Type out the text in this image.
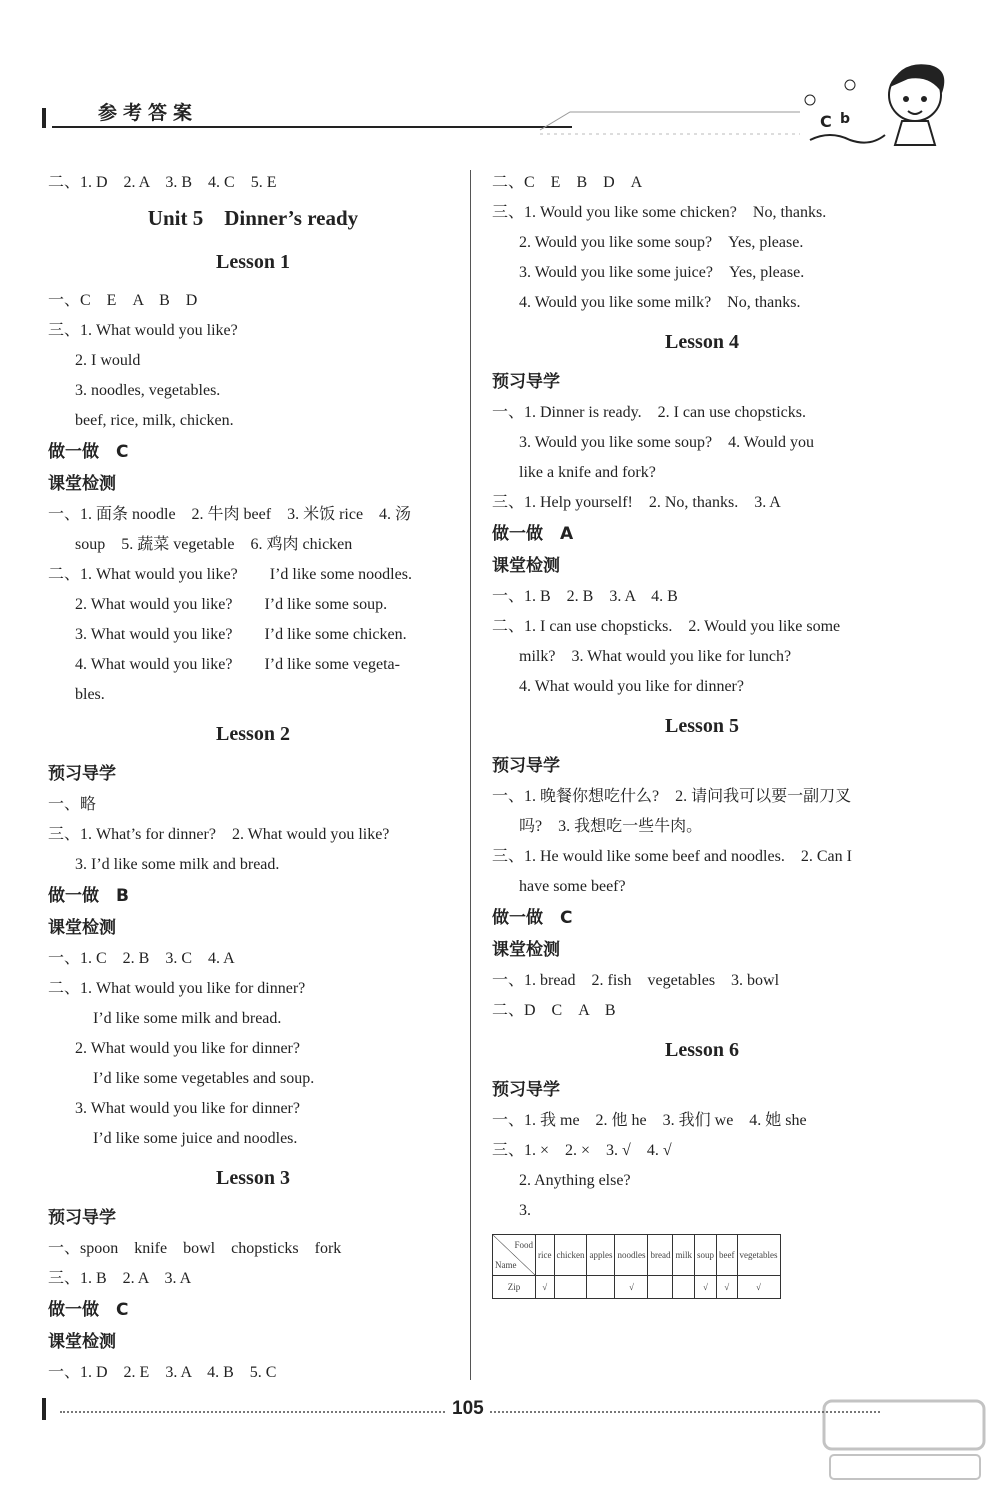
参考答案	C b
二、1. D　2. A　3. B　4. C　5. E
Unit 5　Dinner’s ready
Lesson 1
一、C　E　A　B　D
三、1. What would you like?
2. I would
3. noodles, vegetables.
beef, rice, milk, chicken.
做一做　C
课堂检测
一、1. 面条 noodle　2. 牛肉 beef　3. 米饭 rice　4. 汤
soup　5. 蔬菜 vegetable　6. 鸡肉 chicken
二、1. What would you like?　　I’d like some noodles.
2. What would you like?　　I’d like some soup.
3. What would you like?　　I’d like some chicken.
4. What would you like?　　I’d like some vegeta-
bles.
Lesson 2
预习导学
一、略
三、1. What’s for dinner?　2. What would you like?
3. I’d like some milk and bread.
做一做　B
课堂检测
一、1. C　2. B　3. C　4. A
二、1. What would you like for dinner?
I’d like some milk and bread.
2. What would you like for dinner?
I’d like some vegetables and soup.
3. What would you like for dinner?
I’d like some juice and noodles.
Lesson 3
预习导学
一、spoon　knife　bowl　chopsticks　fork
三、1. B　2. A　3. A
做一做　C
课堂检测
一、1. D　2. E　3. A　4. B　5. C
二、C　E　B　D　A
三、1. Would you like some chicken?　No, thanks.
2. Would you like some soup?　Yes, please.
3. Would you like some juice?　Yes, please.
4. Would you like some milk?　No, thanks.
Lesson 4
预习导学
一、1. Dinner is ready.　2. I can use chopsticks.
3. Would you like some soup?　4. Would you
like a knife and fork?
三、1. Help yourself!　2. No, thanks.　3. A
做一做　A
课堂检测
一、1. B　2. B　3. A　4. B
二、1. I can use chopsticks.　2. Would you like some
milk?　3. What would you like for lunch?
4. What would you like for dinner?
Lesson 5
预习导学
一、1. 晚餐你想吃什么?　2. 请问我可以要一副刀叉
吗?　3. 我想吃一些牛肉。
三、1. He would like some beef and noodles.　2. Can I
have some beef?
做一做　C
课堂检测
一、1. bread　2. fish　vegetables　3. bowl
二、D　C　A　B
Lesson 6
预习导学
一、1. 我 me　2. 他 he　3. 我们 we　4. 她 she
三、1. ×　2. ×　3. √　4. √
2. Anything else?
3.
Food
Name	rice	chicken	apples	noodles	bread	milk	soup	beef	vegetables
Zip	√			√			√	√	√
105
